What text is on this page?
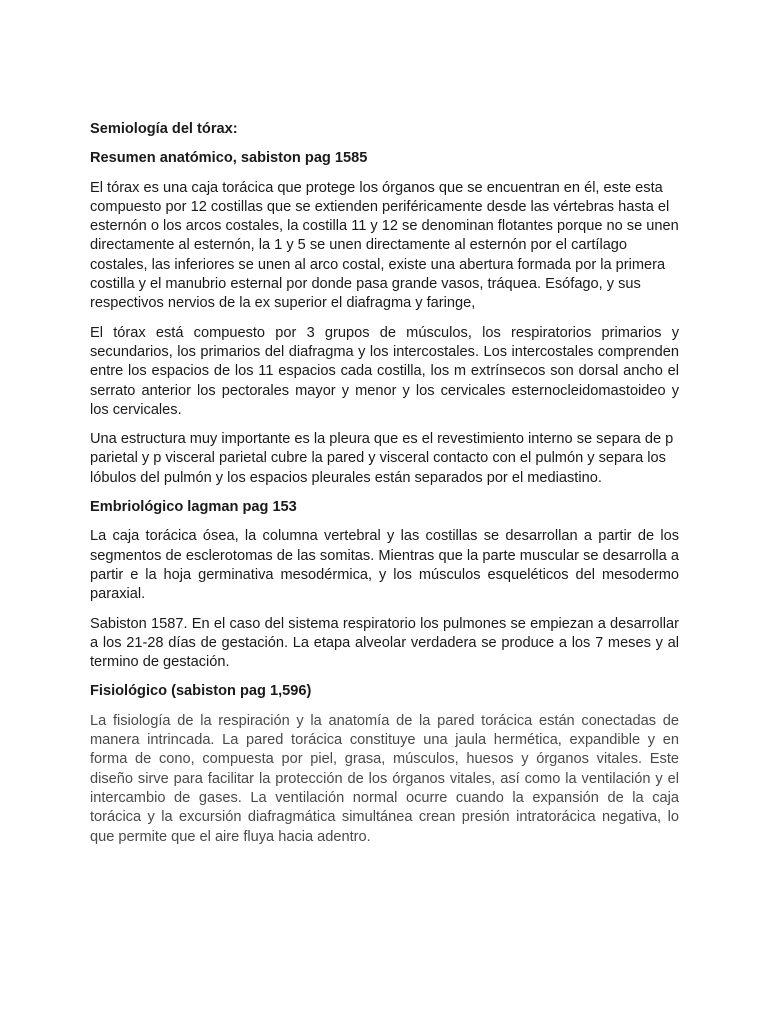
Semiología del tórax:
Resumen anatómico, sabiston pag 1585
El tórax es una caja torácica que protege los órganos que se encuentran en él, este esta compuesto por 12 costillas que se extienden periféricamente desde las vértebras hasta el esternón o los arcos costales, la costilla 11 y 12 se denominan flotantes porque no se unen directamente al esternón, la 1 y 5 se unen directamente al esternón por el cartílago costales, las inferiores se unen al arco costal, existe una abertura formada por la primera costilla y el manubrio esternal por donde pasa grande vasos, tráquea. Esófago, y sus respectivos nervios de la ex superior el diafragma y faringe,
El tórax está compuesto por 3 grupos de músculos, los respiratorios primarios y secundarios, los primarios del diafragma y los intercostales. Los intercostales comprenden entre los espacios de los 11 espacios cada costilla, los m extrínsecos son dorsal ancho el serrato anterior los pectorales mayor y menor y los cervicales esternocleidomastoideo y los cervicales.
Una estructura muy importante es la pleura que es el revestimiento interno se separa de p parietal y p visceral parietal cubre la pared y visceral contacto con el pulmón y separa los lóbulos del pulmón y los espacios pleurales están separados por el mediastino.
Embriológico lagman pag 153
La caja torácica ósea, la columna vertebral y las costillas se desarrollan a partir de los segmentos de esclerotomas de las somitas. Mientras que la parte muscular se desarrolla a partir e la hoja germinativa mesodérmica, y los músculos esqueléticos del mesodermo paraxial.
Sabiston 1587. En el caso del sistema respiratorio los pulmones se empiezan a desarrollar a los 21-28 días de gestación. La etapa alveolar verdadera se produce a los 7 meses y al termino de gestación.
Fisiológico (sabiston pag 1,596)
La fisiología de la respiración y la anatomía de la pared torácica están conectadas de manera intrincada. La pared torácica constituye una jaula hermética, expandible y en forma de cono, compuesta por piel, grasa, músculos, huesos y órganos vitales. Este diseño sirve para facilitar la protección de los órganos vitales, así como la ventilación y el intercambio de gases. La ventilación normal ocurre cuando la expansión de la caja torácica y la excursión diafragmática simultánea crean presión intratorácica negativa, lo que permite que el aire fluya hacia adentro.
